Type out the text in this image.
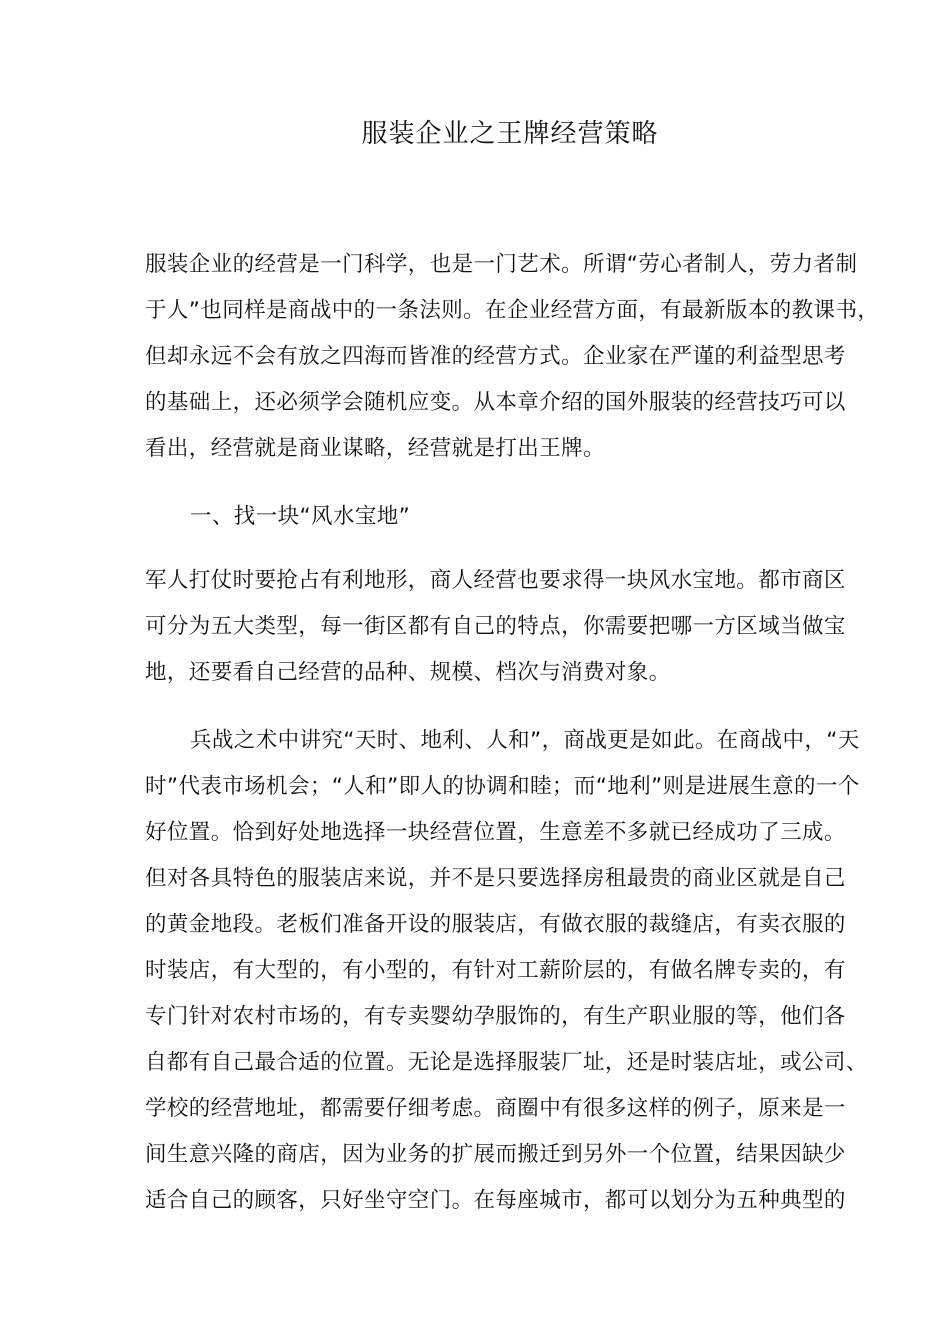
服装企业之王牌经营策略
服装企业的经营是一门科学，也是一门艺术。所谓“劳心者制人，劳力者制
于人”也同样是商战中的一条法则。在企业经营方面，有最新版本的教课书，
但却永远不会有放之四海而皆准的经营方式。企业家在严谨的利益型思考
的基础上，还必须学会随机应变。从本章介绍的国外服装的经营技巧可以
看出，经营就是商业谋略，经营就是打出王牌。
一、找一块“风水宝地”
军人打仗时要抢占有利地形，商人经营也要求得一块风水宝地。都市商区
可分为五大类型，每一街区都有自己的特点，你需要把哪一方区域当做宝
地，还要看自己经营的品种、规模、档次与消费对象。
兵战之术中讲究“天时、地利、人和”，商战更是如此。在商战中，“天
时”代表市场机会；“人和”即人的协调和睦；而“地利”则是进展生意的一个
好位置。恰到好处地选择一块经营位置，生意差不多就已经成功了三成。
但对各具特色的服装店来说，并不是只要选择房租最贵的商业区就是自己
的黄金地段。老板们准备开设的服装店，有做衣服的裁缝店，有卖衣服的
时装店，有大型的，有小型的，有针对工薪阶层的，有做名牌专卖的，有
专门针对农村市场的，有专卖婴幼孕服饰的，有生产职业服的等，他们各
自都有自己最合适的位置。无论是选择服装厂址，还是时装店址，或公司、
学校的经营地址，都需要仔细考虑。商圈中有很多这样的例子，原来是一
间生意兴隆的商店，因为业务的扩展而搬迁到另外一个位置，结果因缺少
适合自己的顾客，只好坐守空门。在每座城市，都可以划分为五种典型的
